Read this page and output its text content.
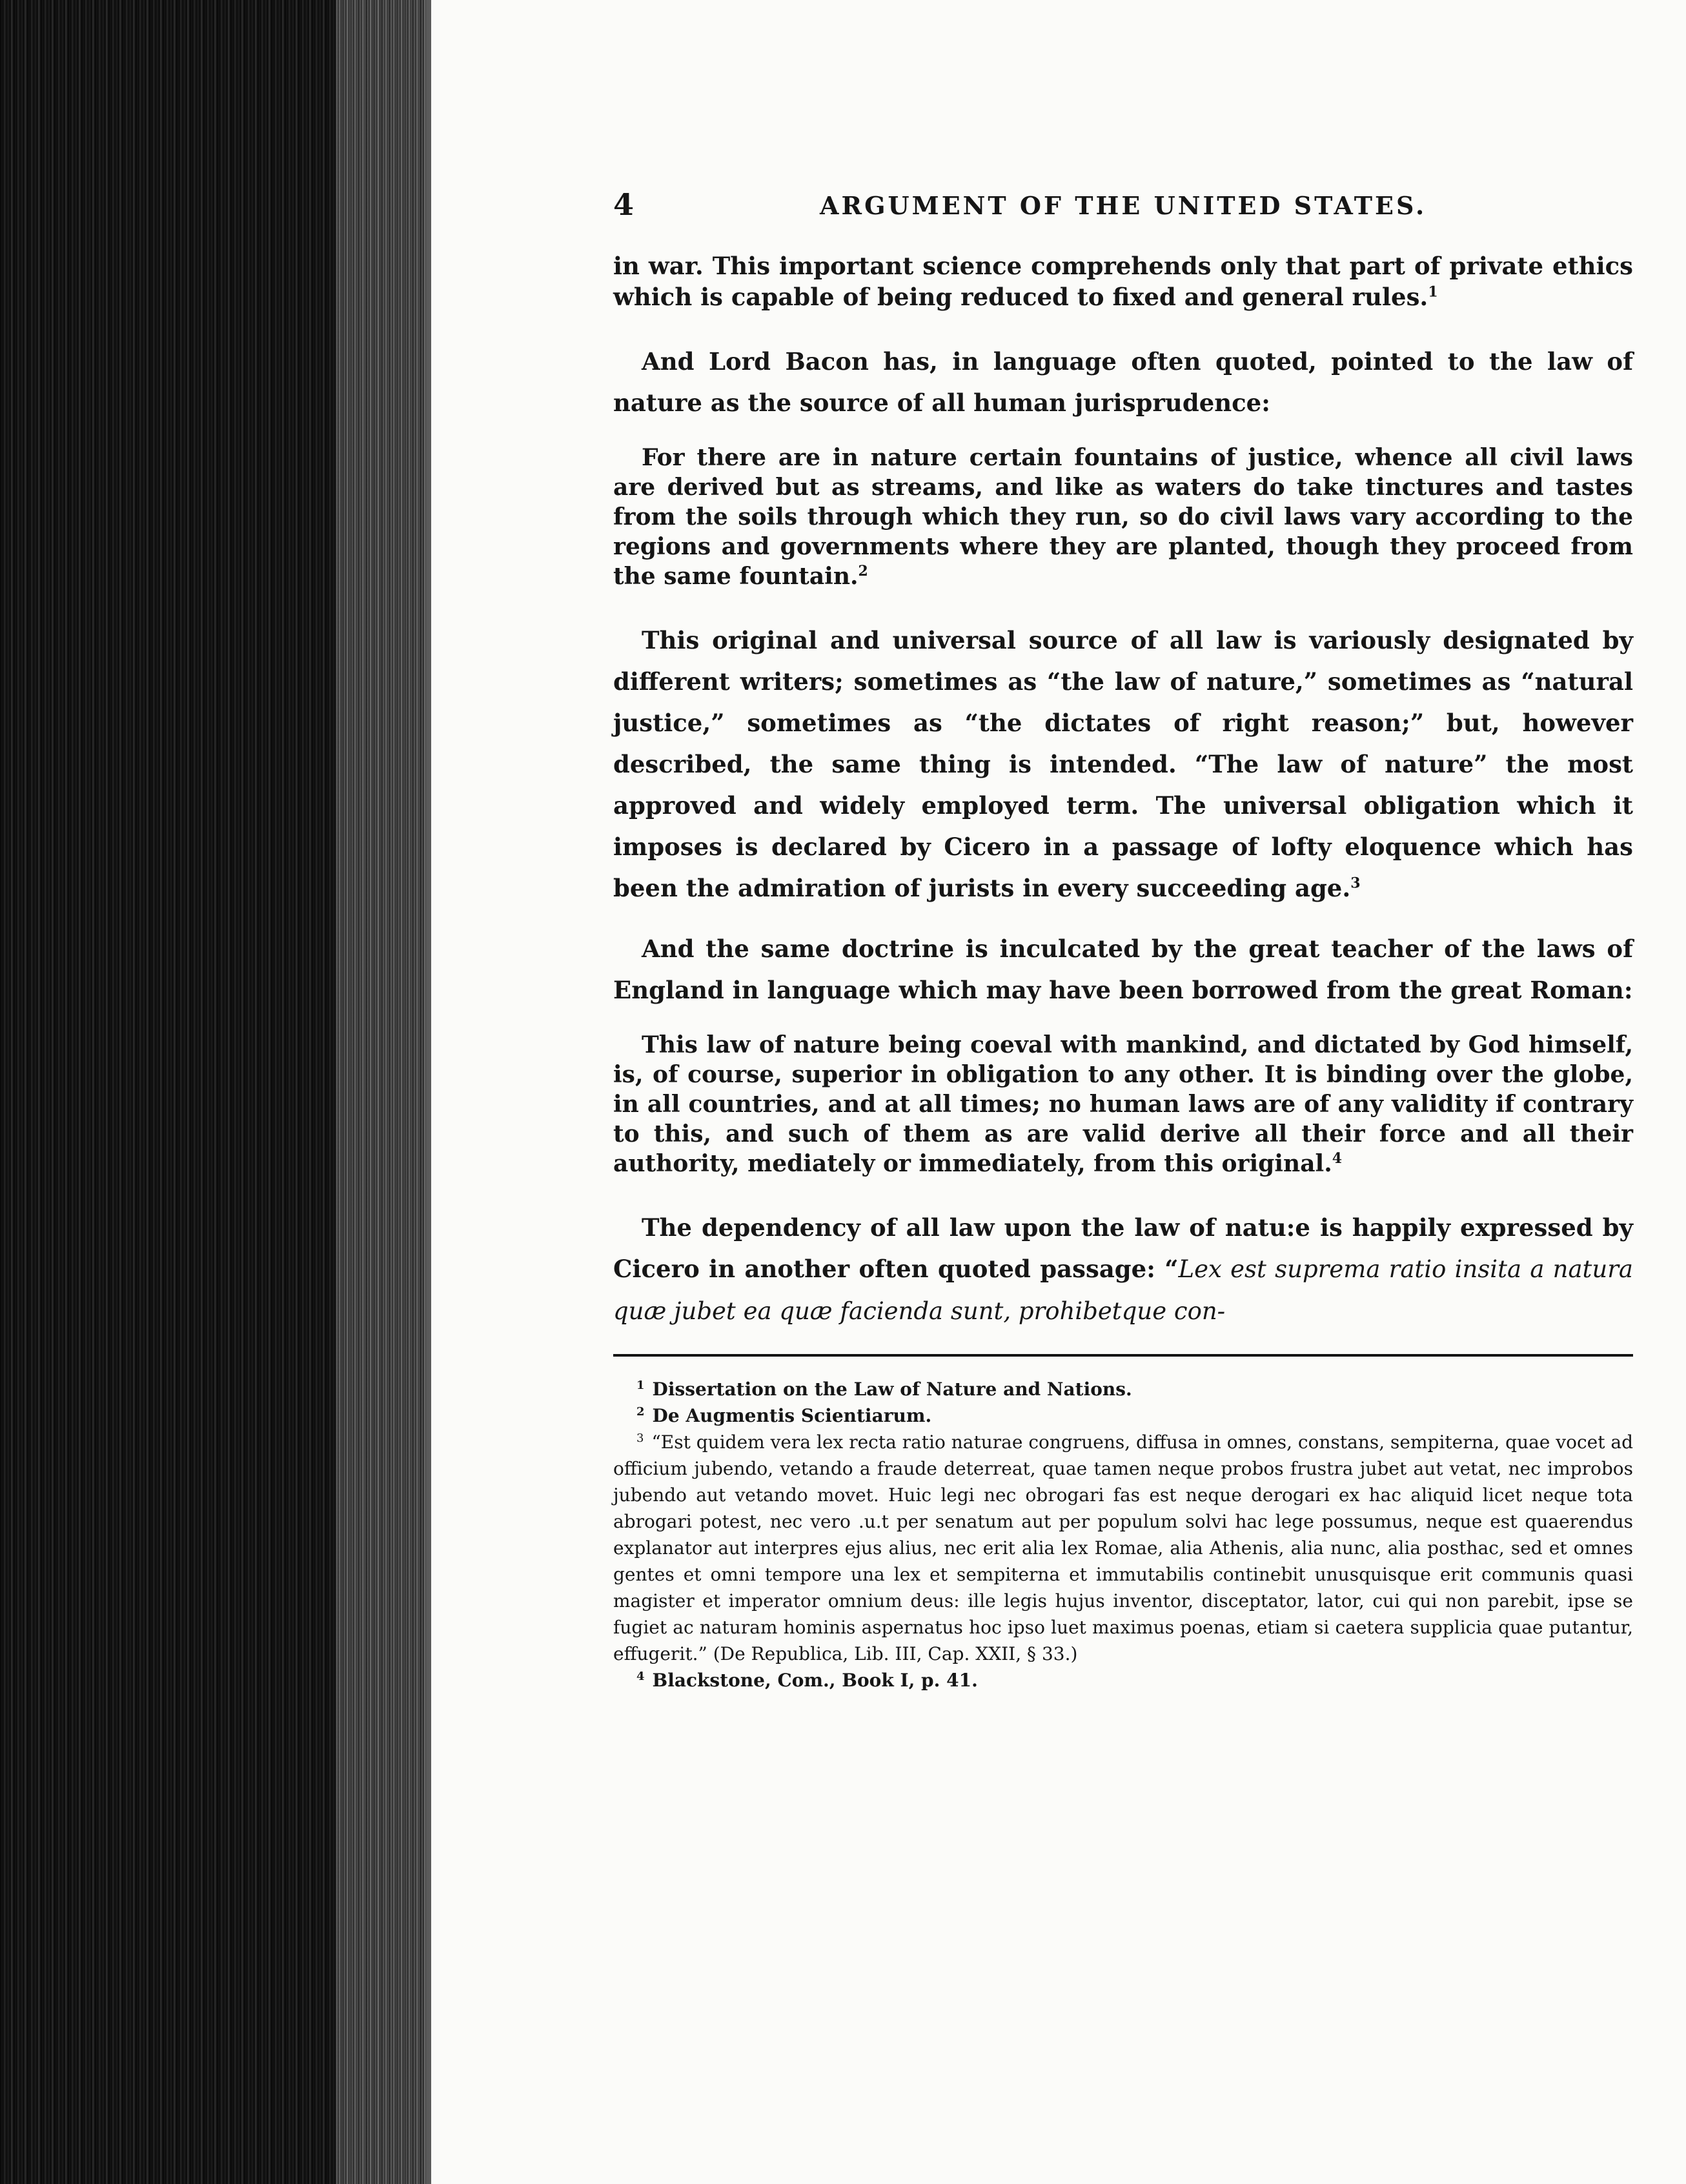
4	ARGUMENT OF THE UNITED STATES.

in war. This important science comprehends only that part of private ethics which is capable of being reduced to fixed and general rules.$^1$

And Lord Bacon has, in language often quoted, pointed to the law of nature as the source of all human jurisprudence:

For there are in nature certain fountains of justice, whence all civil laws are derived but as streams, and like as waters do take tinctures and tastes from the soils through which they run, so do civil laws vary according to the regions and governments where they are planted, though they proceed from the same fountain.$^2$

This original and universal source of all law is variously designated by different writers; sometimes as “the law of nature,” sometimes as “natural justice,” sometimes as “the dictates of right reason;” but, however described, the same thing is intended. “The law of nature” the most approved and widely employed term. The universal obligation which it imposes is declared by Cicero in a passage of lofty eloquence which has been the admiration of jurists in every succeeding age.$^3$

And the same doctrine is inculcated by the great teacher of the laws of England in language which may have been borrowed from the great Roman:

This law of nature being coeval with mankind, and dictated by God himself, is, of course, superior in obligation to any other. It is binding over the globe, in all countries, and at all times; no human laws are of any validity if contrary to this, and such of them as are valid derive all their force and all their authority, mediately or immediately, from this original.$^4$

The dependency of all law upon the law of natu:e is happily expressed by Cicero in another often quoted passage: “Lex est suprema ratio insita a natura quæ jubet ea quæ facienda sunt, prohibetque con-

$^1$ Dissertation on the Law of Nature and Nations.

$^2$ De Augmentis Scientiarum.

$^3$ “Est quidem vera lex recta ratio naturae congruens, diffusa in omnes, constans, sempiterna, quae vocet ad officium jubendo, vetando a fraude deterreat, quae tamen neque probos frustra jubet aut vetat, nec improbos jubendo aut vetando movet. Huic legi nec obrogari fas est neque derogari ex hac aliquid licet neque tota abrogari potest, nec vero .u.t per senatum aut per populum solvi hac lege possumus, neque est quaerendus explanator aut interpres ejus alius, nec erit alia lex Romae, alia Athenis, alia nunc, alia posthac, sed et omnes gentes et omni tempore una lex et sempiterna et immutabilis continebit unusquisque erit communis quasi magister et imperator omnium deus: ille legis hujus inventor, disceptator, lator, cui qui non parebit, ipse se fugiet ac naturam hominis aspernatus hoc ipso luet maximus poenas, etiam si caetera supplicia quae putantur, effugerit.” (De Republica, Lib. III, Cap. XXII, § 33.)

$^4$ Blackstone, Com., Book I, p. 41.
